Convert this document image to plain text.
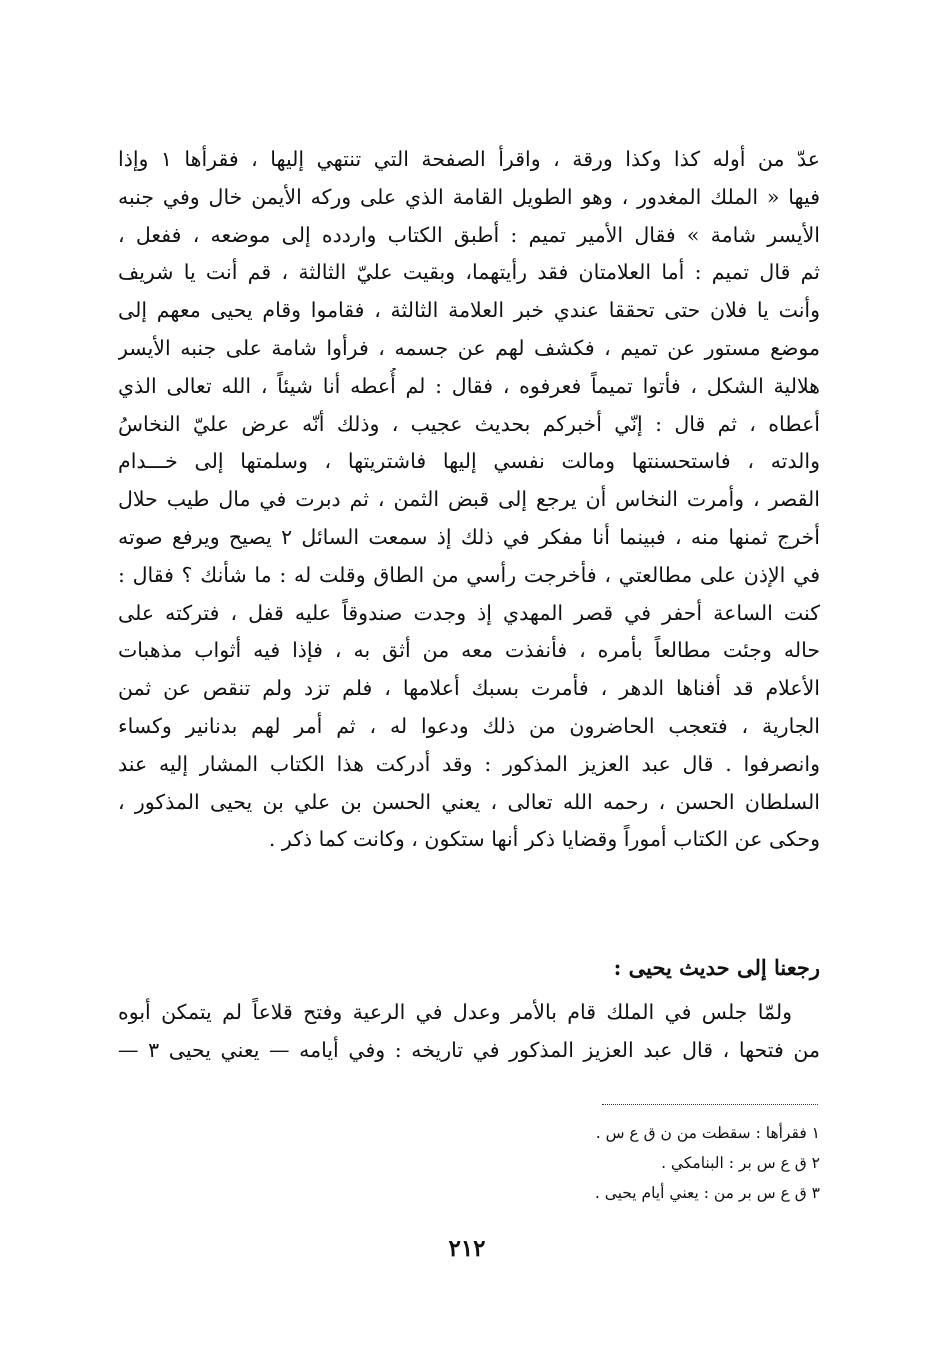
عدّ من أوله كذا وكذا ورقة ، واقرأ الصفحة التي تنتهي إليها ، فقرأها ١ وإذا
فيها « الملك المغدور ، وهو الطويل القامة الذي على وركه الأيمن خال وفي جنبه
الأيسر شامة » فقال الأمير تميم : أطبق الكتاب واردده إلى موضعه ، ففعل ،
ثم قال تميم : أما العلامتان فقد رأيتهما، وبقيت عليّ الثالثة ، قم أنت يا شريف
وأنت يا فلان حتى تحققا عندي خبر العلامة الثالثة ، فقاموا وقام يحيى معهم إلى
موضع مستور عن تميم ، فكشف لهم عن جسمه ، فرأوا شامة على جنبه الأيسر
هلالية الشكل ، فأتوا تميماً فعرفوه ، فقال : لم أُعطه أنا شيئاً ، الله تعالى الذي
أعطاه ، ثم قال : إنّي أخبركم بحديث عجيب ، وذلك أنّه عرض عليّ النخاسُ
والدته ، فاستحسنتها ومالت نفسي إليها فاشتريتها ، وسلمتها إلى خـــدام
القصر ، وأمرت النخاس أن يرجع إلى قبض الثمن ، ثم دبرت في مال طيب حلال
أخرج ثمنها منه ، فبينما أنا مفكر في ذلك إذ سمعت السائل ٢ يصيح ويرفع صوته
في الإذن على مطالعتي ، فأخرجت رأسي من الطاق وقلت له : ما شأنك ؟ فقال :
كنت الساعة أحفر في قصر المهدي إذ وجدت صندوقاً عليه قفل ، فتركته على
حاله وجئت مطالعاً بأمره ، فأنفذت معه من أثق به ، فإذا فيه أثواب مذهبات
الأعلام قد أفناها الدهر ، فأمرت بسبك أعلامها ، فلم تزد ولم تنقص عن ثمن
الجارية ، فتعجب الحاضرون من ذلك ودعوا له ، ثم أمر لهم بدنانير وكساء
وانصرفوا . قال عبد العزيز المذكور : وقد أدركت هذا الكتاب المشار إليه عند
السلطان الحسن ، رحمه الله تعالى ، يعني الحسن بن علي بن يحيى المذكور ،
وحكى عن الكتاب أموراً وقضايا ذكر أنها ستكون ، وكانت كما ذكر .
رجعنا إلى حديث يحيى :
ولمّا جلس في الملك قام بالأمر وعدل في الرعية وفتح قلاعاً لم يتمكن أبوه
من فتحها ، قال عبد العزيز المذكور في تاريخه : وفي أيامه — يعني يحيى ٣ —
١ فقرأها : سقطت من ن ق ع س .
٢ ق ع س بر : البنامكي .
٣ ق ع س بر من : يعني أيام يحيى .
٢١٢
